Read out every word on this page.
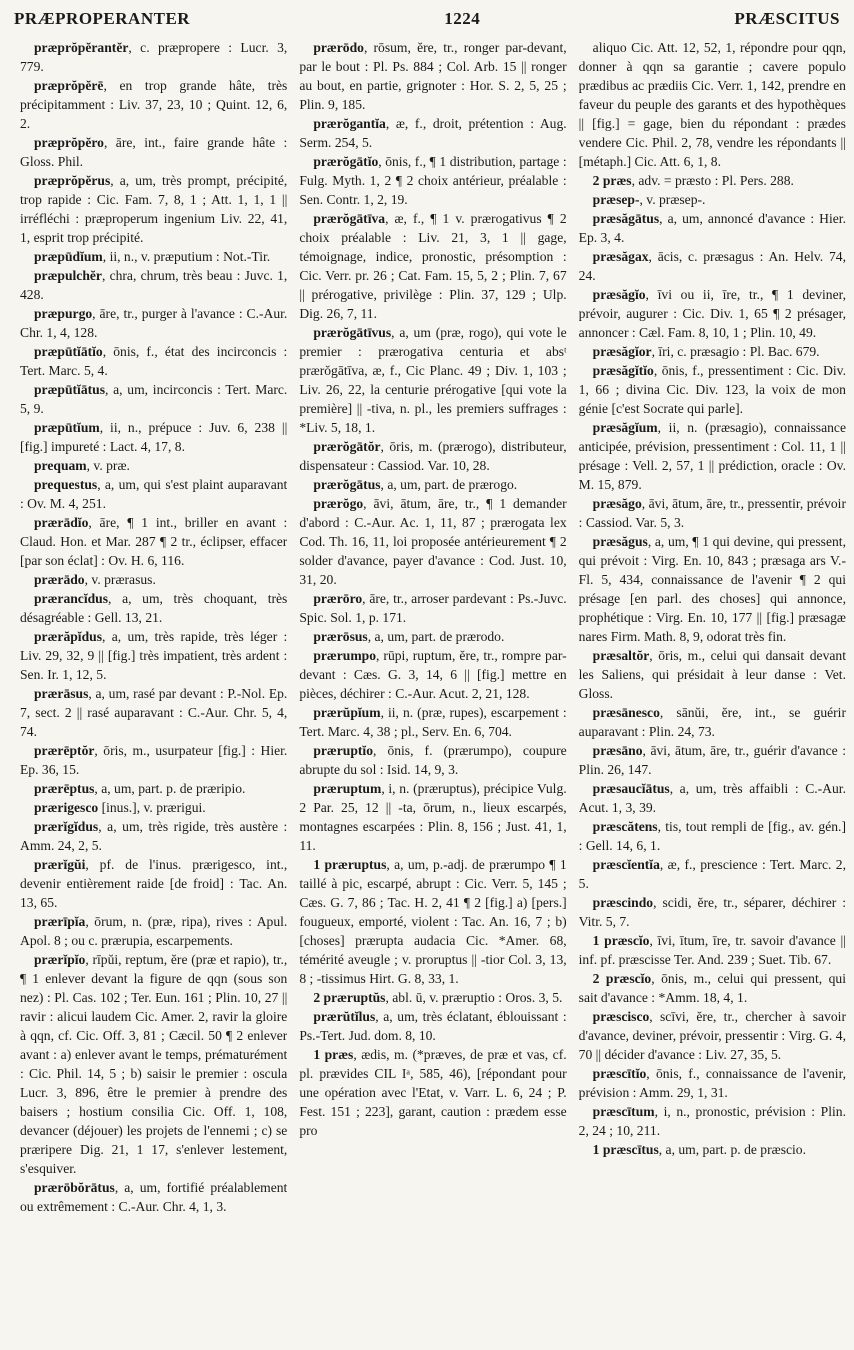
PRÆPROPERANTER	1224	PRÆSCITUS

præprŏpĕrantĕr, c. præpropere : Lucr. 3, 779.

præprŏpĕrē, en trop grande hâte, très précipitamment : Liv. 37, 23, 10 ; Quint. 12, 6, 2.

præprŏpĕro, āre, int., faire grande hâte : Gloss. Phil.

præprŏpĕrus, a, um, très prompt, précipité, trop rapide : Cic. Fam. 7, 8, 1 ; Att. 1, 1, 1 || irréfléchi : præproperum ingenium Liv. 22, 41, 1, esprit trop précipité.

præpūdĭum, ii, n., v. præputium : Not.-Tir.

præpulchĕr, chra, chrum, très beau : Juvc. 1, 428.

præpurgo, āre, tr., purger à l'avance : C.-Aur. Chr. 1, 4, 128.

præpūtĭātĭo, ōnis, f., état des incirconcis : Tert. Marc. 5, 4.

præpūtĭātus, a, um, incirconcis : Tert. Marc. 5, 9.

præpūtĭum, ii, n., prépuce : Juv. 6, 238 || [fig.] impureté : Lact. 4, 17, 8.

prequam, v. præ.

prequestus, a, um, qui s'est plaint auparavant : Ov. M. 4, 251.

prærādĭo, āre, ¶ 1 int., briller en avant : Claud. Hon. et Mar. 287 ¶ 2 tr., éclipser, effacer [par son éclat] : Ov. H. 6, 116.

prærādo, v. prærasus.

prærancĭdus, a, um, très choquant, très désagréable : Gell. 13, 21.

prærăpĭdus, a, um, très rapide, très léger : Liv. 29, 32, 9 || [fig.] très impatient, très ardent : Sen. Ir. 1, 12, 5.

prærāsus, a, um, rasé par devant : P.-Nol. Ep. 7, sect. 2 || rasé auparavant : C.-Aur. Chr. 5, 4, 74.

prærēptŏr, ōris, m., usurpateur [fig.] : Hier. Ep. 36, 15.

prærēptus, a, um, part. p. de præripio.

prærigesco [inus.], v. prærigui.

prærĭgĭdus, a, um, très rigide, très austère : Amm. 24, 2, 5.

prærĭgŭi, pf. de l'inus. prærigesco, int., devenir entièrement raide [de froid] : Tac. An. 13, 65.

prærīpĭa, ōrum, n. (præ, ripa), rives : Apul. Apol. 8 ; ou c. prærupia, escarpements.

prærĭpĭo, rīpŭi, reptum, ĕre (præ et rapio), tr., ¶ 1 enlever devant la figure de qqn (sous son nez) : Pl. Cas. 102 ; Ter. Eun. 161 ; Plin. 10, 27 || ravir : alicui laudem Cic. Amer. 2, ravir la gloire à qqn, cf. Cic. Off. 3, 81 ; Cæcil. 50 ¶ 2 enlever avant : a) enlever avant le temps, prématurément : Cic. Phil. 14, 5 ; b) saisir le premier : oscula Lucr. 3, 896, être le premier à prendre des baisers ; hostium consilia Cic. Off. 1, 108, devancer (déjouer) les projets de l'ennemi ; c) se præripere Dig. 21, 1 17, s'enlever lestement, s'esquiver.

prærōbŏrātus, a, um, fortifié préalablement ou extrêmement : C.-Aur. Chr. 4, 1, 3.

prærōdo, rōsum, ĕre, tr., ronger par-devant, par le bout : Pl. Ps. 884 ; Col. Arb. 15 || ronger au bout, en partie, grignoter : Hor. S. 2, 5, 25 ; Plin. 9, 185.

prærŏgantĭa, æ, f., droit, prétention : Aug. Serm. 254, 5.

prærŏgātĭo, ōnis, f., ¶ 1 distribution, partage : Fulg. Myth. 1, 2 ¶ 2 choix antérieur, préalable : Sen. Contr. 1, 2, 19.

prærŏgātīva, æ, f., ¶ 1 v. prærogativus ¶ 2 choix préalable : Liv. 21, 3, 1 || gage, témoignage, indice, pronostic, présomption : Cic. Verr. pr. 26 ; Cat. Fam. 15, 5, 2 ; Plin. 7, 67 || prérogative, privilège : Plin. 37, 129 ; Ulp. Dig. 26, 7, 11.

prærŏgātīvus, a, um (præ, rogo), qui vote le premier : prærogativa centuria et absᵗ prærŏgātīva, æ, f., Cic Planc. 49 ; Div. 1, 103 ; Liv. 26, 22, la centurie prérogative [qui vote la première] || -tiva, n. pl., les premiers suffrages : *Liv. 5, 18, 1.

prærŏgātŏr, ōris, m. (prærogo), distributeur, dispensateur : Cassiod. Var. 10, 28.

prærŏgātus, a, um, part. de prærogo.

prærŏgo, āvi, ātum, āre, tr., ¶ 1 demander d'abord : C.-Aur. Ac. 1, 11, 87 ; prærogata lex Cod. Th. 16, 11, loi proposée antérieurement ¶ 2 solder d'avance, payer d'avance : Cod. Just. 10, 31, 20.

prærōro, āre, tr., arroser pardevant : Ps.-Juvc. Spic. Sol. 1, p. 171.

prærōsus, a, um, part. de prærodo.

prærumpo, rūpi, ruptum, ĕre, tr., rompre par-devant : Cæs. G. 3, 14, 6 || [fig.] mettre en pièces, déchirer : C.-Aur. Acut. 2, 21, 128.

prærŭpĭum, ii, n. (præ, rupes), escarpement : Tert. Marc. 4, 38 ; pl., Serv. En. 6, 704.

præruptĭo, ōnis, f. (prærumpo), coupure abrupte du sol : Isid. 14, 9, 3.

præruptum, i, n. (præruptus), précipice Vulg. 2 Par. 25, 12 || -ta, ōrum, n., lieux escarpés, montagnes escarpées : Plin. 8, 156 ; Just. 41, 1, 11.

1 præruptus, a, um, p.-adj. de prærumpo ¶ 1 taillé à pic, escarpé, abrupt : Cic. Verr. 5, 145 ; Cæs. G. 7, 86 ; Tac. H. 2, 41 ¶ 2 [fig.] a) [pers.] fougueux, emporté, violent : Tac. An. 16, 7 ; b) [choses] prærupta audacia Cic. *Amer. 68, témérité aveugle ; v. proruptus || -tior Col. 3, 13, 8 ; -tissimus Hirt. G. 8, 33, 1.

2 præruptŭs, abl. ū, v. præruptio : Oros. 3, 5.

prærŭtĭlus, a, um, très éclatant, éblouissant : Ps.-Tert. Jud. dom. 8, 10.

1 præs, ædis, m. (*præves, de præ et vas, cf. pl. prævides CIL Iᵃ, 585, 46), [répondant pour une opération avec l'Etat, v. Varr. L. 6, 24 ; P. Fest. 151 ; 223], garant, caution : prædem esse pro

aliquo Cic. Att. 12, 52, 1, répondre pour qqn, donner à qqn sa garantie ; cavere populo prædibus ac prædiis Cic. Verr. 1, 142, prendre en faveur du peuple des garants et des hypothèques || [fig.] = gage, bien du répondant : prædes vendere Cic. Phil. 2, 78, vendre les répondants || [métaph.] Cic. Att. 6, 1, 8.

2 præs, adv. = præsto : Pl. Pers. 288.

præsep-, v. præsep-.

præsăgātus, a, um, annoncé d'avance : Hier. Ep. 3, 4.

præsăgax, ācis, c. præsagus : An. Helv. 74, 24.

præsăgĭo, īvi ou ii, īre, tr., ¶ 1 deviner, prévoir, augurer : Cic. Div. 1, 65 ¶ 2 présager, annoncer : Cæl. Fam. 8, 10, 1 ; Plin. 10, 49.

præsăgĭor, īri, c. præsagio : Pl. Bac. 679.

præsăgĭtĭo, ōnis, f., pressentiment : Cic. Div. 1, 66 ; divina Cic. Div. 123, la voix de mon génie [c'est Socrate qui parle].

præsăgĭum, ii, n. (præsagio), connaissance anticipée, prévision, pressentiment : Col. 11, 1 || présage : Vell. 2, 57, 1 || prédiction, oracle : Ov. M. 15, 879.

præsăgo, āvi, ātum, āre, tr., pressentir, prévoir : Cassiod. Var. 5, 3.

præsăgus, a, um, ¶ 1 qui devine, qui pressent, qui prévoit : Virg. En. 10, 843 ; præsaga ars V.-Fl. 5, 434, connaissance de l'avenir ¶ 2 qui présage [en parl. des choses] qui annonce, prophétique : Virg. En. 10, 177 || [fig.] præsagæ nares Firm. Math. 8, 9, odorat très fin.

præsaltŏr, ōris, m., celui qui dansait devant les Saliens, qui présidait à leur danse : Vet. Gloss.

præsānesco, sānŭi, ĕre, int., se guérir auparavant : Plin. 24, 73.

præsāno, āvi, ātum, āre, tr., guérir d'avance : Plin. 26, 147.

præsaucĭātus, a, um, très affaibli : C.-Aur. Acut. 1, 3, 39.

præscătens, tis, tout rempli de [fig., av. gén.] : Gell. 14, 6, 1.

præscĭentĭa, æ, f., prescience : Tert. Marc. 2, 5.

præscindo, scidi, ĕre, tr., séparer, déchirer : Vitr. 5, 7.

1 præscĭo, īvi, ītum, īre, tr. savoir d'avance || inf. pf. præscisse Ter. And. 239 ; Suet. Tib. 67.

2 præscĭo, ōnis, m., celui qui pressent, qui sait d'avance : *Amm. 18, 4, 1.

præscisco, scīvi, ĕre, tr., chercher à savoir d'avance, deviner, prévoir, pressentir : Virg. G. 4, 70 || décider d'avance : Liv. 27, 35, 5.

præscītĭo, ōnis, f., connaissance de l'avenir, prévision : Amm. 29, 1, 31.

præscītum, i, n., pronostic, prévision : Plin. 2, 24 ; 10, 211.

1 præscītus, a, um, part. p. de præscio.
